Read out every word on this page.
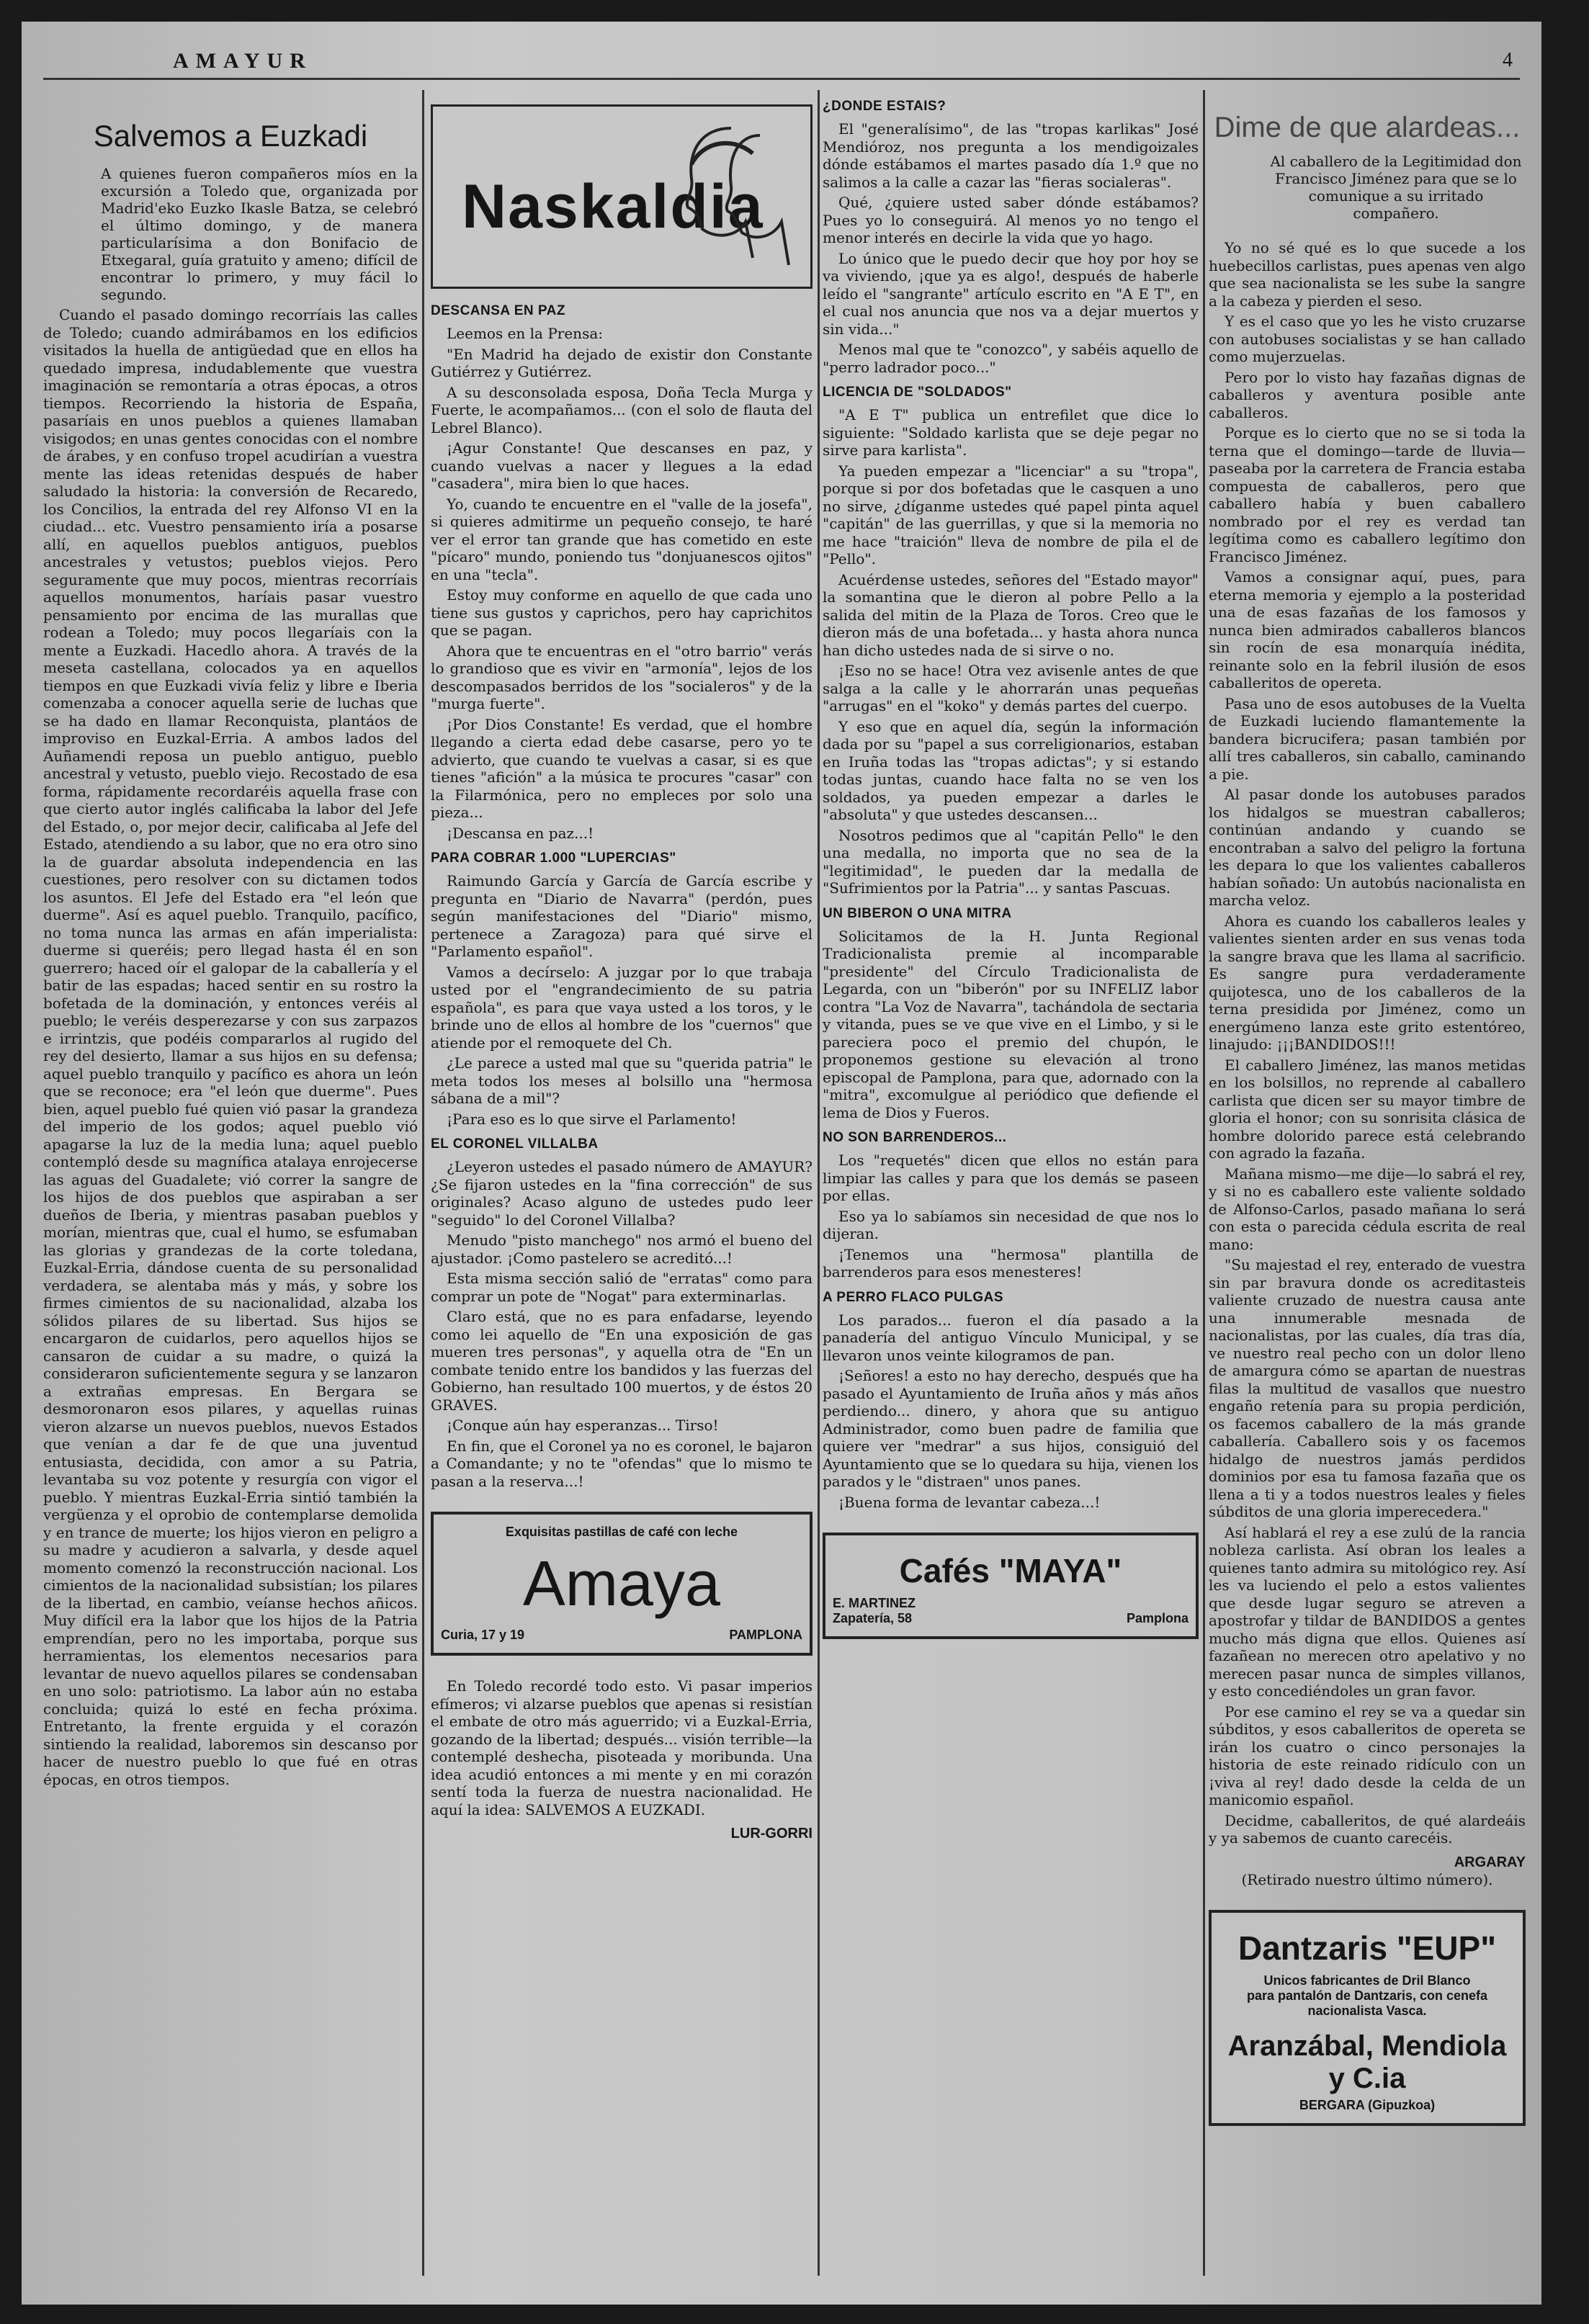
AMAYUR	4
Salvemos a Euzkadi

A quienes fueron compañeros míos en la excursión a Toledo que, organizada por Madrid'eko Euzko Ikasle Batza, se celebró el último domingo, y de manera particularísima a don Bonifacio de Etxegaral, guía gratuito y ameno; difícil de encontrar lo primero, y muy fácil lo segundo.

Cuando el pasado domingo recorríais las calles de Toledo; cuando admirábamos en los edificios visitados la huella de antigüedad que en ellos ha quedado impresa, indudablemente que vuestra imaginación se remontaría a otras épocas, a otros tiempos. Recorriendo la historia de España, pasaríais en unos pueblos a quienes llamaban visigodos; en unas gentes conocidas con el nombre de árabes, y en confuso tropel acudirían a vuestra mente las ideas retenidas después de haber saludado la historia: la conversión de Recaredo, los Concilios, la entrada del rey Alfonso VI en la ciudad... etc. Vuestro pensamiento iría a posarse allí, en aquellos pueblos antiguos, pueblos ancestrales y vetustos; pueblos viejos. Pero seguramente que muy pocos, mientras recorríais aquellos monumentos, haríais pasar vuestro pensamiento por encima de las murallas que rodean a Toledo; muy pocos llegaríais con la mente a Euzkadi. Hacedlo ahora. A través de la meseta castellana, colocados ya en aquellos tiempos en que Euzkadi vivía feliz y libre e Iberia comenzaba a conocer aquella serie de luchas que se ha dado en llamar Reconquista, plantáos de improviso en Euzkal-Erria. A ambos lados del Auñamendi reposa un pueblo antiguo, pueblo ancestral y vetusto, pueblo viejo. Recostado de esa forma, rápidamente recordaréis aquella frase con que cierto autor inglés calificaba la labor del Jefe del Estado, o, por mejor decir, calificaba al Jefe del Estado, atendiendo a su labor, que no era otro sino la de guardar absoluta independencia en las cuestiones, pero resolver con su dictamen todos los asuntos. El Jefe del Estado era "el león que duerme". Así es aquel pueblo. Tranquilo, pacífico, no toma nunca las armas en afán imperialista: duerme si queréis; pero llegad hasta él en son guerrero; haced oír el galopar de la caballería y el batir de las espadas; haced sentir en su rostro la bofetada de la dominación, y entonces veréis al pueblo; le veréis desperezarse y con sus zarpazos e irrintzis, que podéis compararlos al rugido del rey del desierto, llamar a sus hijos en su defensa; aquel pueblo tranquilo y pacífico es ahora un león que se reconoce; era "el león que duerme". Pues bien, aquel pueblo fué quien vió pasar la grandeza del imperio de los godos; aquel pueblo vió apagarse la luz de la media luna; aquel pueblo contempló desde su magnífica atalaya enrojecerse las aguas del Guadalete; vió correr la sangre de los hijos de dos pueblos que aspiraban a ser dueños de Iberia, y mientras pasaban pueblos y morían, mientras que, cual el humo, se esfumaban las glorias y grandezas de la corte toledana, Euzkal-Erria, dándose cuenta de su personalidad verdadera, se alentaba más y más, y sobre los firmes cimientos de su nacionalidad, alzaba los sólidos pilares de su libertad. Sus hijos se encargaron de cuidarlos, pero aquellos hijos se cansaron de cuidar a su madre, o quizá la consideraron suficientemente segura y se lanzaron a extrañas empresas. En Bergara se desmoronaron esos pilares, y aquellas ruinas vieron alzarse un nuevos pueblos, nuevos Estados que venían a dar fe de que una juventud entusiasta, decidida, con amor a su Patria, levantaba su voz potente y resurgía con vigor el pueblo. Y mientras Euzkal-Erria sintió también la vergüenza y el oprobio de contemplarse demolida y en trance de muerte; los hijos vieron en peligro a su madre y acudieron a salvarla, y desde aquel momento comenzó la reconstrucción nacional. Los cimientos de la nacionalidad subsistían; los pilares de la libertad, en cambio, veíanse hechos añicos. Muy difícil era la labor que los hijos de la Patria emprendían, pero no les importaba, porque sus herramientas, los elementos necesarios para levantar de nuevo aquellos pilares se condensaban en uno solo: patriotismo. La labor aún no estaba concluida; quizá lo esté en fecha próxima. Entretanto, la frente erguida y el corazón sintiendo la realidad, laboremos sin descanso por hacer de nuestro pueblo lo que fué en otras épocas, en otros tiempos.

Naskaldia
DESCANSA EN PAZ

Leemos en la Prensa:

"En Madrid ha dejado de existir don Constante Gutiérrez y Gutiérrez.

A su desconsolada esposa, Doña Tecla Murga y Fuerte, le acompañamos... (con el solo de flauta del Lebrel Blanco).

¡Agur Constante! Que descanses en paz, y cuando vuelvas a nacer y llegues a la edad "casadera", mira bien lo que haces.

Yo, cuando te encuentre en el "valle de la josefa", si quieres admitirme un pequeño consejo, te haré ver el error tan grande que has cometido en este "pícaro" mundo, poniendo tus "donjuanescos ojitos" en una "tecla".

Estoy muy conforme en aquello de que cada uno tiene sus gustos y caprichos, pero hay caprichitos que se pagan.

Ahora que te encuentras en el "otro barrio" verás lo grandioso que es vivir en "armonía", lejos de los descompasados berridos de los "socialeros" y de la "murga fuerte".

¡Por Dios Constante! Es verdad, que el hombre llegando a cierta edad debe casarse, pero yo te advierto, que cuando te vuelvas a casar, si es que tienes "afición" a la música te procures "casar" con la Filarmónica, pero no empleces por solo una pieza...

¡Descansa en paz...!

PARA COBRAR 1.000 "LUPERCIAS"

Raimundo García y García de García escribe y pregunta en "Diario de Navarra" (perdón, pues según manifestaciones del "Diario" mismo, pertenece a Zaragoza) para qué sirve el "Parlamento español".

Vamos a decírselo: A juzgar por lo que trabaja usted por el "engrandecimiento de su patria española", es para que vaya usted a los toros, y le brinde uno de ellos al hombre de los "cuernos" que atiende por el remoquete del Ch.

¿Le parece a usted mal que su "querida patria" le meta todos los meses al bolsillo una "hermosa sábana de a mil"?

¡Para eso es lo que sirve el Parlamento!

EL CORONEL VILLALBA

¿Leyeron ustedes el pasado número de AMAYUR? ¿Se fijaron ustedes en la "fina corrección" de sus originales? Acaso alguno de ustedes pudo leer "seguido" lo del Coronel Villalba?

Menudo "pisto manchego" nos armó el bueno del ajustador. ¡Como pastelero se acreditó...!

Esta misma sección salió de "erratas" como para comprar un pote de "Nogat" para exterminarlas.

Claro está, que no es para enfadarse, leyendo como lei aquello de "En una exposición de gas mueren tres personas", y aquella otra de "En un combate tenido entre los bandidos y las fuerzas del Gobierno, han resultado 100 muertos, y de éstos 20 GRAVES.

¡Conque aún hay esperanzas... Tirso!

En fin, que el Coronel ya no es coronel, le bajaron a Comandante; y no te "ofendas" que lo mismo te pasan a la reserva...!

Exquisitas pastillas de café con leche
Amaya
Curia, 17 y 19	PAMPLONA

En Toledo recordé todo esto. Vi pasar imperios efímeros; vi alzarse pueblos que apenas si resistían el embate de otro más aguerrido; vi a Euzkal-Erria, gozando de la libertad; después... visión terrible—la contemplé deshecha, pisoteada y moribunda. Una idea acudió entonces a mi mente y en mi corazón sentí toda la fuerza de nuestra nacionalidad. He aquí la idea: SALVEMOS A EUZKADI.

LUR-GORRI
¿DONDE ESTAIS?

El "generalísimo", de las "tropas karlikas" José Mendióroz, nos pregunta a los mendigoizales dónde estábamos el martes pasado día 1.º que no salimos a la calle a cazar las "fieras socialeras".

Qué, ¿quiere usted saber dónde estábamos? Pues yo lo conseguirá. Al menos yo no tengo el menor interés en decirle la vida que yo hago.

Lo único que le puedo decir que hoy por hoy se va viviendo, ¡que ya es algo!, después de haberle leído el "sangrante" artículo escrito en "A E T", en el cual nos anuncia que nos va a dejar muertos y sin vida..."

Menos mal que te "conozco", y sabéis aquello de "perro ladrador poco..."

LICENCIA DE "SOLDADOS"

"A E T" publica un entrefilet que dice lo siguiente: "Soldado karlista que se deje pegar no sirve para karlista".

Ya pueden empezar a "licenciar" a su "tropa", porque si por dos bofetadas que le casquen a uno no sirve, ¿díganme ustedes qué papel pinta aquel "capitán" de las guerrillas, y que si la memoria no me hace "traición" lleva de nombre de pila el de "Pello".

Acuérdense ustedes, señores del "Estado mayor" la somantina que le dieron al pobre Pello a la salida del mitin de la Plaza de Toros. Creo que le dieron más de una bofetada... y hasta ahora nunca han dicho ustedes nada de si sirve o no.

¡Eso no se hace! Otra vez avisenle antes de que salga a la calle y le ahorrarán unas pequeñas "arrugas" en el "koko" y demás partes del cuerpo.

Y eso que en aquel día, según la información dada por su "papel a sus correligionarios, estaban en Iruña todas las "tropas adictas"; y si estando todas juntas, cuando hace falta no se ven los soldados, ya pueden empezar a darles le "absoluta" y que ustedes descansen...

Nosotros pedimos que al "capitán Pello" le den una medalla, no importa que no sea de la "legitimidad", le pueden dar la medalla de "Sufrimientos por la Patria"... y santas Pascuas.

UN BIBERON O UNA MITRA

Solicitamos de la H. Junta Regional Tradicionalista premie al incomparable "presidente" del Círculo Tradicionalista de Legarda, con un "biberón" por su INFELIZ labor contra "La Voz de Navarra", tachándola de sectaria y vitanda, pues se ve que vive en el Limbo, y si le pareciera poco el premio del chupón, le proponemos gestione su elevación al trono episcopal de Pamplona, para que, adornado con la "mitra", excomulgue al periódico que defiende el lema de Dios y Fueros.

NO SON BARRENDEROS...

Los "requetés" dicen que ellos no están para limpiar las calles y para que los demás se paseen por ellas.

Eso ya lo sabíamos sin necesidad de que nos lo dijeran.

¡Tenemos una "hermosa" plantilla de barrenderos para esos menesteres!

A PERRO FLACO PULGAS

Los parados... fueron el día pasado a la panadería del antiguo Vínculo Municipal, y se llevaron unos veinte kilogramos de pan.

¡Señores! a esto no hay derecho, después que ha pasado el Ayuntamiento de Iruña años y más años perdiendo... dinero, y ahora que su antiguo Administrador, como buen padre de familia que quiere ver "medrar" a sus hijos, consiguió del Ayuntamiento que se lo quedara su hija, vienen los parados y le "distraen" unos panes.

¡Buena forma de levantar cabeza...!

Cafés "MAYA"
E. MARTINEZ
Zapatería, 58	Pamplona
Dime de que alardeas...

Al caballero de la Legitimidad don Francisco Jiménez para que se lo comunique a su irritado compañero.

Yo no sé qué es lo que sucede a los huebecillos carlistas, pues apenas ven algo que sea nacionalista se les sube la sangre a la cabeza y pierden el seso.

Y es el caso que yo les he visto cruzarse con autobuses socialistas y se han callado como mujerzuelas.

Pero por lo visto hay fazañas dignas de caballeros y aventura posible ante caballeros.

Porque es lo cierto que no se si toda la terna que el domingo—tarde de lluvia—paseaba por la carretera de Francia estaba compuesta de caballeros, pero que caballero había y buen caballero nombrado por el rey es verdad tan legítima como es caballero legítimo don Francisco Jiménez.

Vamos a consignar aquí, pues, para eterna memoria y ejemplo a la posteridad una de esas fazañas de los famosos y nunca bien admirados caballeros blancos sin rocín de esa monarquía inédita, reinante solo en la febril ilusión de esos caballeritos de opereta.

Pasa uno de esos autobuses de la Vuelta de Euzkadi luciendo flamantemente la bandera bicrucifera; pasan también por allí tres caballeros, sin caballo, caminando a pie.

Al pasar donde los autobuses parados los hidalgos se muestran caballeros; continúan andando y cuando se encontraban a salvo del peligro la fortuna les depara lo que los valientes caballeros habían soñado: Un autobús nacionalista en marcha veloz.

Ahora es cuando los caballeros leales y valientes sienten arder en sus venas toda la sangre brava que les llama al sacrificio. Es sangre pura verdaderamente quijotesca, uno de los caballeros de la terna presidida por Jiménez, como un energúmeno lanza este grito estentóreo, linajudo: ¡¡¡BANDIDOS!!!

El caballero Jiménez, las manos metidas en los bolsillos, no reprende al caballero carlista que dicen ser su mayor timbre de gloria el honor; con su sonrisita clásica de hombre dolorido parece está celebrando con agrado la fazaña.

Mañana mismo—me dije—lo sabrá el rey, y si no es caballero este valiente soldado de Alfonso-Carlos, pasado mañana lo será con esta o parecida cédula escrita de real mano:

"Su majestad el rey, enterado de vuestra sin par bravura donde os acreditasteis valiente cruzado de nuestra causa ante una innumerable mesnada de nacionalistas, por las cuales, día tras día, ve nuestro real pecho con un dolor lleno de amargura cómo se apartan de nuestras filas la multitud de vasallos que nuestro engaño retenía para su propia perdición, os facemos caballero de la más grande caballería. Caballero sois y os facemos hidalgo de nuestros jamás perdidos dominios por esa tu famosa fazaña que os llena a ti y a todos nuestros leales y fieles súbditos de una gloria imperecedera."

Así hablará el rey a ese zulú de la rancia nobleza carlista. Así obran los leales a quienes tanto admira su mitológico rey. Así les va luciendo el pelo a estos valientes que desde lugar seguro se atreven a apostrofar y tildar de BANDIDOS a gentes mucho más digna que ellos. Quienes así fazañean no merecen otro apelativo y no merecen pasar nunca de simples villanos, y esto concediéndoles un gran favor.

Por ese camino el rey se va a quedar sin súbditos, y esos caballeritos de opereta se irán los cuatro o cinco personajes la historia de este reinado ridículo con un ¡viva al rey! dado desde la celda de un manicomio español.

Decidme, caballeritos, de qué alardeáis y ya sabemos de cuanto carecéis.

ARGARAY

(Retirado nuestro último número).

Dantzaris "EUP"
Unicos fabricantes de Dril Blanco
para pantalón de Dantzaris, con cenefa nacionalista Vasca.
Aranzábal, Mendiola y C.ia
BERGARA (Gipuzkoa)
